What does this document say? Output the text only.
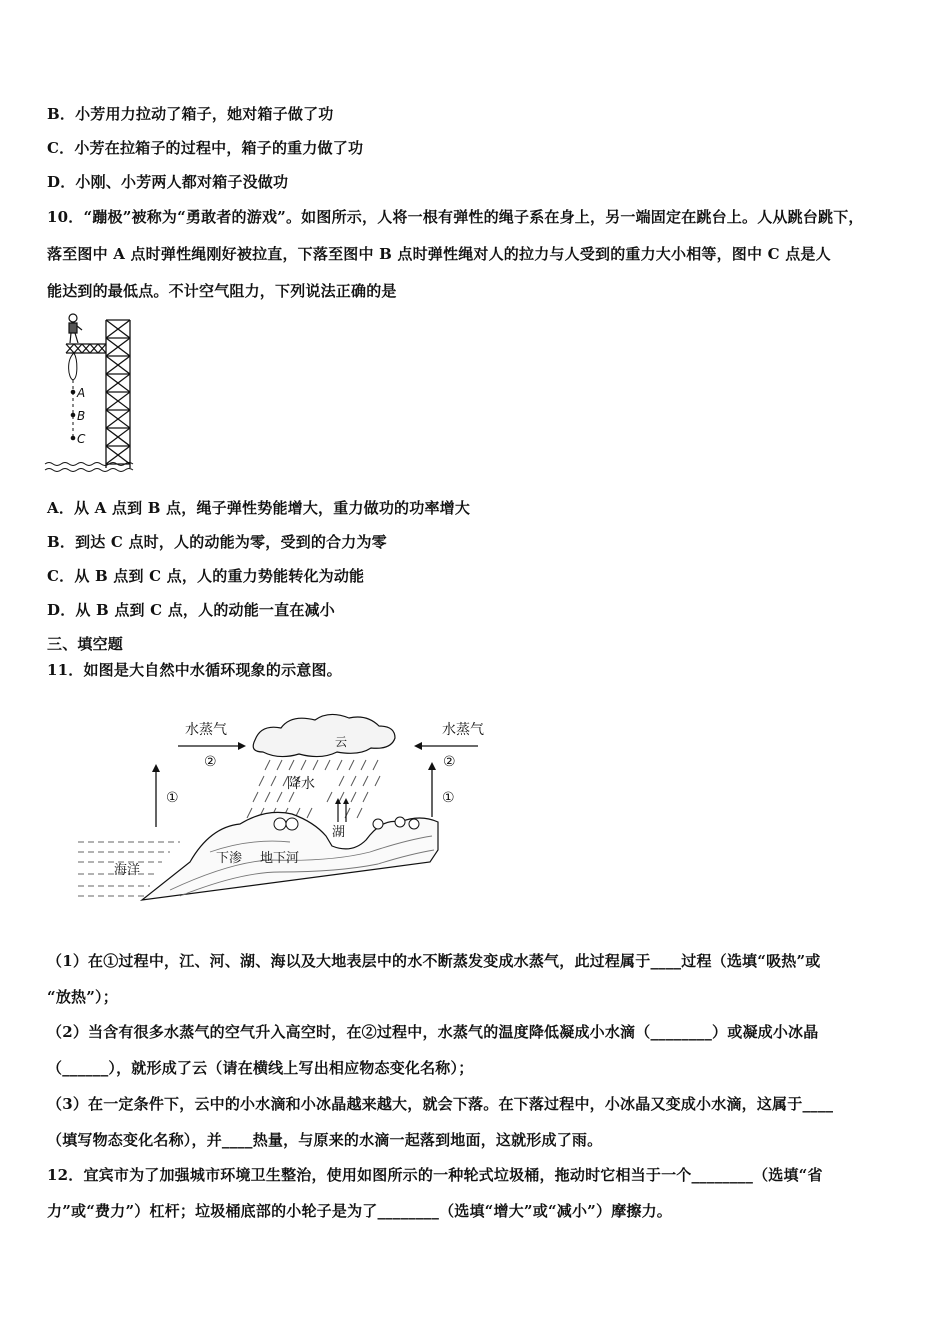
B．小芳用力拉动了箱子，她对箱子做了功
C．小芳在拉箱子的过程中，箱子的重力做了功
D．小刚、小芳两人都对箱子没做功
10．“蹦极”被称为“勇敢者的游戏”。如图所示，人将一根有弹性的绳子系在身上，另一端固定在跳台上。人从跳台跳下，
落至图中 A 点时弹性绳刚好被拉直，下落至图中 B 点时弹性绳对人的拉力与人受到的重力大小相等，图中 C 点是人
能达到的最低点。不计空气阻力，下列说法正确的是
A
B
C
A．从 A 点到 B 点，绳子弹性势能增大，重力做功的功率增大
B．到达 C 点时，人的动能为零，受到的合力为零
C．从 B 点到 C 点，人的重力势能转化为动能
D．从 B 点到 C 点，人的动能一直在减小
三、填空题
11．如图是大自然中水循环现象的示意图。
水蒸气
②
水蒸气
②
云
降水
①	①
湖
海洋
下渗 地下河
（1）在①过程中，江、河、湖、海以及大地表层中的水不断蒸发变成水蒸气，此过程属于____过程（选填“吸热”或
“放热”）；
（2）当含有很多水蒸气的空气升入高空时，在②过程中，水蒸气的温度降低凝成小水滴（________）或凝成小冰晶
（______），就形成了云（请在横线上写出相应物态变化名称）；
（3）在一定条件下，云中的小水滴和小冰晶越来越大，就会下落。在下落过程中，小冰晶又变成小水滴，这属于____
（填写物态变化名称），并____热量，与原来的水滴一起落到地面，这就形成了雨。
12．宜宾市为了加强城市环境卫生整治，使用如图所示的一种轮式垃圾桶，拖动时它相当于一个________（选填“省
力”或“费力”）杠杆；垃圾桶底部的小轮子是为了________（选填“增大”或“减小”）摩擦力。
